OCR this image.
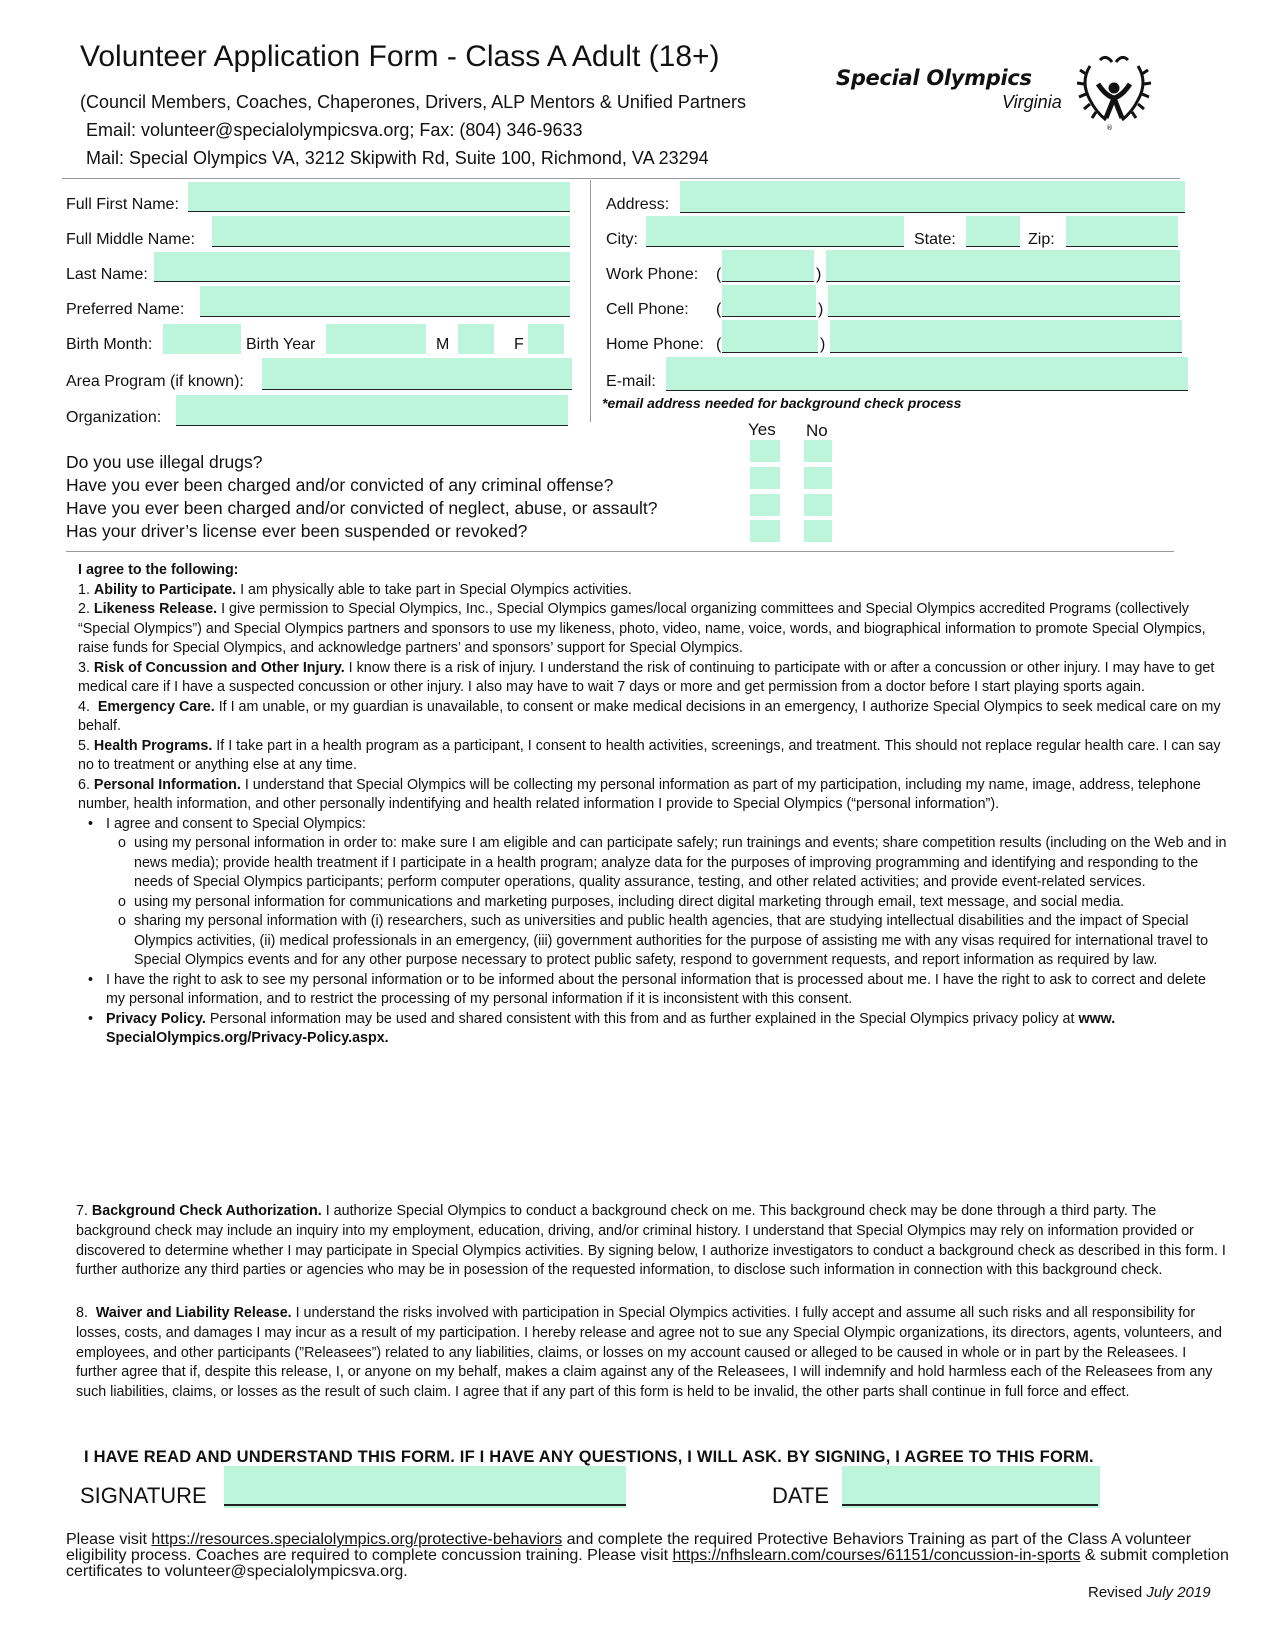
Volunteer Application Form - Class A Adult (18+)
(Council Members, Coaches, Chaperones, Drivers, ALP Mentors & Unified Partners
Email: volunteer@specialolympicsva.org; Fax: (804) 346-9633
Mail: Special Olympics VA, 3212 Skipwith Rd, Suite 100, Richmond, VA 23294
Special Olympics
Virginia
®
Full First Name:
Full Middle Name:
Last Name:
Preferred Name:
Birth Month:	Birth Year	M	F
Area Program (if known):
Organization:
Address:
City:	State:	Zip:
Work Phone: (	)
Cell Phone: (	)
Home Phone: (	)
E-mail:
*email address needed for background check process
Yes No
Do you use illegal drugs?
Have you ever been charged and/or convicted of any criminal offense?
Have you ever been charged and/or convicted of neglect, abuse, or assault?
Has your driver’s license ever been suspended or revoked?

I agree to the following:

1. Ability to Participate. I am physically able to take part in Special Olympics activities.

2. Likeness Release. I give permission to Special Olympics, Inc., Special Olympics games/local organizing committees and Special Olympics accredited Programs (collectively “Special Olympics”) and Special Olympics partners and sponsors to use my likeness, photo, video, name, voice, words, and biographical information to promote Special Olympics, raise funds for Special Olympics, and acknowledge partners’ and sponsors’ support for Special Olympics.

3. Risk of Concussion and Other Injury. I know there is a risk of injury. I understand the risk of continuing to participate with or after a concussion or other injury. I may have to get medical care if I have a suspected concussion or other injury. I also may have to wait 7 days or more and get permission from a doctor before I start playing sports again.

4. Emergency Care. If I am unable, or my guardian is unavailable, to consent or make medical decisions in an emergency, I authorize Special Olympics to seek medical care on my behalf.

5. Health Programs. If I take part in a health program as a participant, I consent to health activities, screenings, and treatment. This should not replace regular health care. I can say no to treatment or anything else at any time.

6. Personal Information. I understand that Special Olympics will be collecting my personal information as part of my participation, including my name, image, address, telephone number, health information, and other personally indentifying and health related information I provide to Special Olympics (“personal information”).

• I agree and consent to Special Olympics:

o using my personal information in order to: make sure I am eligible and can participate safely; run trainings and events; share competition results (including on the Web and in news media); provide health treatment if I participate in a health program; analyze data for the purposes of improving programming and identifying and responding to the needs of Special Olympics participants; perform computer operations, quality assurance, testing, and other related activities; and provide event-related services.

o using my personal information for communications and marketing purposes, including direct digital marketing through email, text message, and social media.

o sharing my personal information with (i) researchers, such as universities and public health agencies, that are studying intellectual disabilities and the impact of Special Olympics activities, (ii) medical professionals in an emergency, (iii) government authorities for the purpose of assisting me with any visas required for international travel to Special Olympics events and for any other purpose necessary to protect public safety, respond to government requests, and report information as required by law.

• I have the right to ask to see my personal information or to be informed about the personal information that is processed about me. I have the right to ask to correct and delete my personal information, and to restrict the processing of my personal information if it is inconsistent with this consent.

• Privacy Policy. Personal information may be used and shared consistent with this from and as further explained in the Special Olympics privacy policy at www. SpecialOlympics.org/Privacy-Policy.aspx.

7. Background Check Authorization. I authorize Special Olympics to conduct a background check on me. This background check may be done through a third party. The background check may include an inquiry into my employment, education, driving, and/or criminal history. I understand that Special Olympics may rely on information provided or discovered to determine whether I may participate in Special Olympics activities. By signing below, I authorize investigators to conduct a background check as described in this form. I further authorize any third parties or agencies who may be in posession of the requested information, to disclose such information in connection with this background check.

8. Waiver and Liability Release. I understand the risks involved with participation in Special Olympics activities. I fully accept and assume all such risks and all responsibility for losses, costs, and damages I may incur as a result of my participation. I hereby release and agree not to sue any Special Olympic organizations, its directors, agents, volunteers, and employees, and other participants (”Releasees”) related to any liabilities, claims, or losses on my account caused or alleged to be caused in whole or in part by the Releasees. I further agree that if, despite this release, I, or anyone on my behalf, makes a claim against any of the Releasees, I will indemnify and hold harmless each of the Releasees from any such liabilities, claims, or losses as the result of such claim. I agree that if any part of this form is held to be invalid, the other parts shall continue in full force and effect.

I HAVE READ AND UNDERSTAND THIS FORM. IF I HAVE ANY QUESTIONS, I WILL ASK. BY SIGNING, I AGREE TO THIS FORM.
SIGNATURE	DATE
Please visit https://resources.specialolympics.org/protective-behaviors and complete the required Protective Behaviors Training as part of the Class A volunteer eligibility process. Coaches are required to complete concussion training. Please visit https://nfhslearn.com/courses/61151/concussion-in-sports & submit completion certificates to volunteer@specialolympicsva.org.
Revised July 2019
